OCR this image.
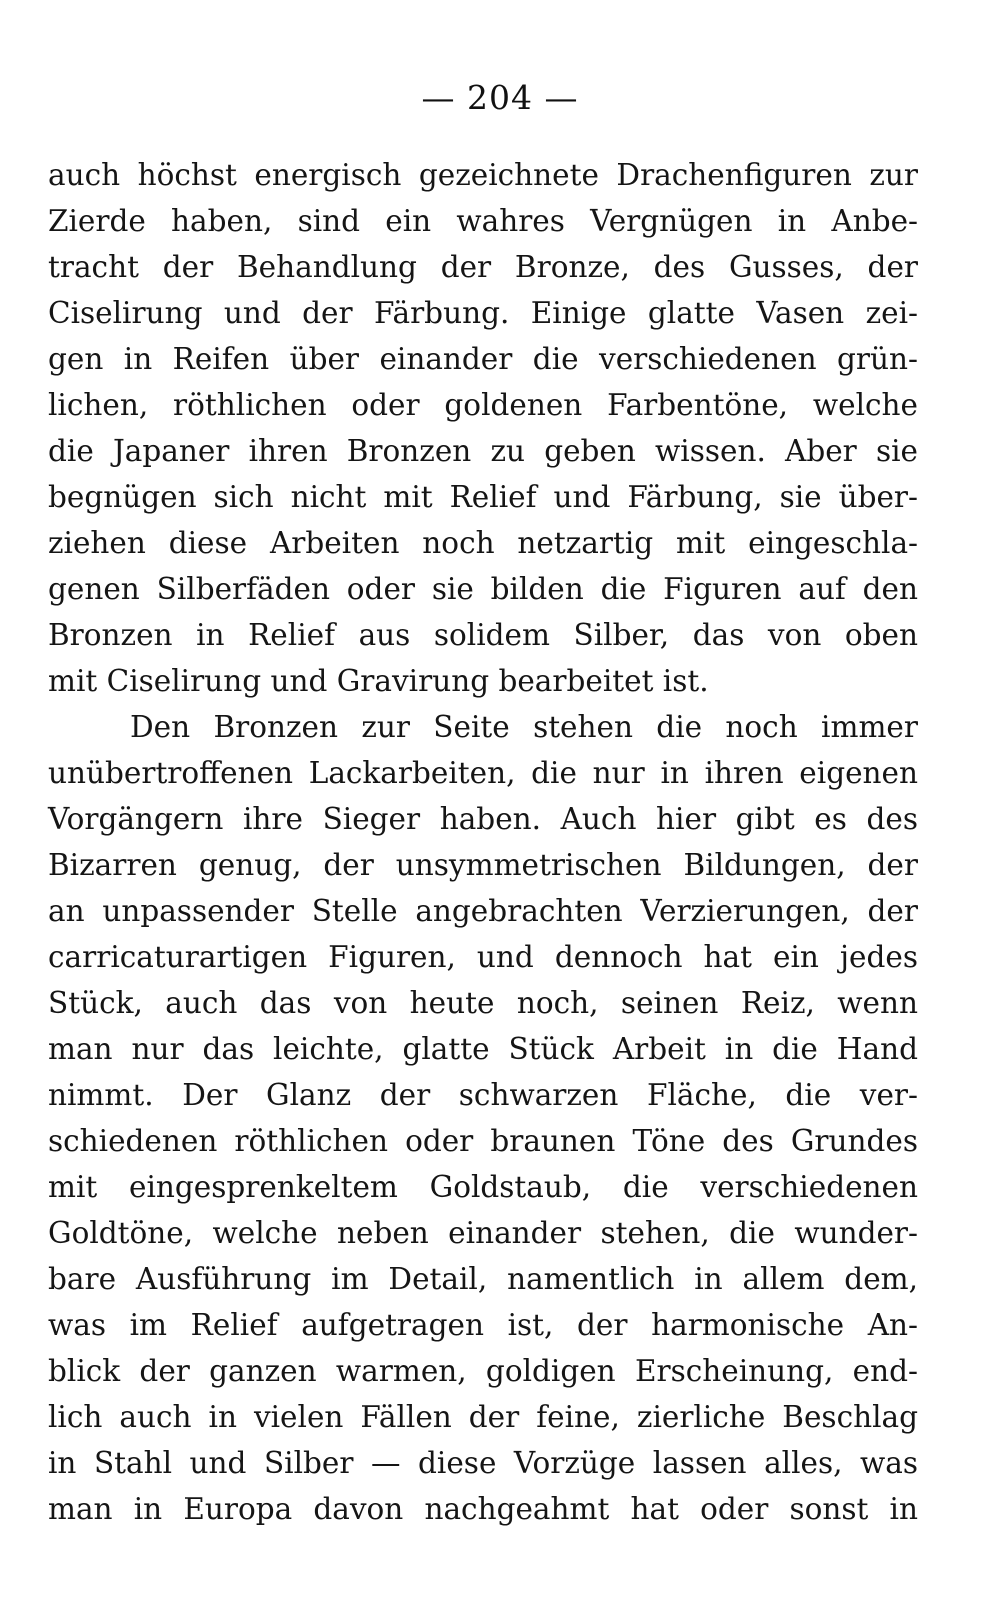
— 204 —
auch höchst energisch gezeichnete Drachenfiguren zur
Zierde haben, sind ein wahres Vergnügen in Anbe-
tracht der Behandlung der Bronze, des Gusses, der
Ciselirung und der Färbung. Einige glatte Vasen zei-
gen in Reifen über einander die verschiedenen grün-
lichen, röthlichen oder goldenen Farbentöne, welche
die Japaner ihren Bronzen zu geben wissen. Aber sie
begnügen sich nicht mit Relief und Färbung, sie über-
ziehen diese Arbeiten noch netzartig mit eingeschla-
genen Silberfäden oder sie bilden die Figuren auf den
Bronzen in Relief aus solidem Silber, das von oben
mit Ciselirung und Gravirung bearbeitet ist.
Den Bronzen zur Seite stehen die noch immer
unübertroffenen Lackarbeiten, die nur in ihren eigenen
Vorgängern ihre Sieger haben. Auch hier gibt es des
Bizarren genug, der unsymmetrischen Bildungen, der
an unpassender Stelle angebrachten Verzierungen, der
carricaturartigen Figuren, und dennoch hat ein jedes
Stück, auch das von heute noch, seinen Reiz, wenn
man nur das leichte, glatte Stück Arbeit in die Hand
nimmt. Der Glanz der schwarzen Fläche, die ver-
schiedenen röthlichen oder braunen Töne des Grundes
mit eingesprenkeltem Goldstaub, die verschiedenen
Goldtöne, welche neben einander stehen, die wunder-
bare Ausführung im Detail, namentlich in allem dem,
was im Relief aufgetragen ist, der harmonische An-
blick der ganzen warmen, goldigen Erscheinung, end-
lich auch in vielen Fällen der feine, zierliche Beschlag
in Stahl und Silber — diese Vorzüge lassen alles, was
man in Europa davon nachgeahmt hat oder sonst in
